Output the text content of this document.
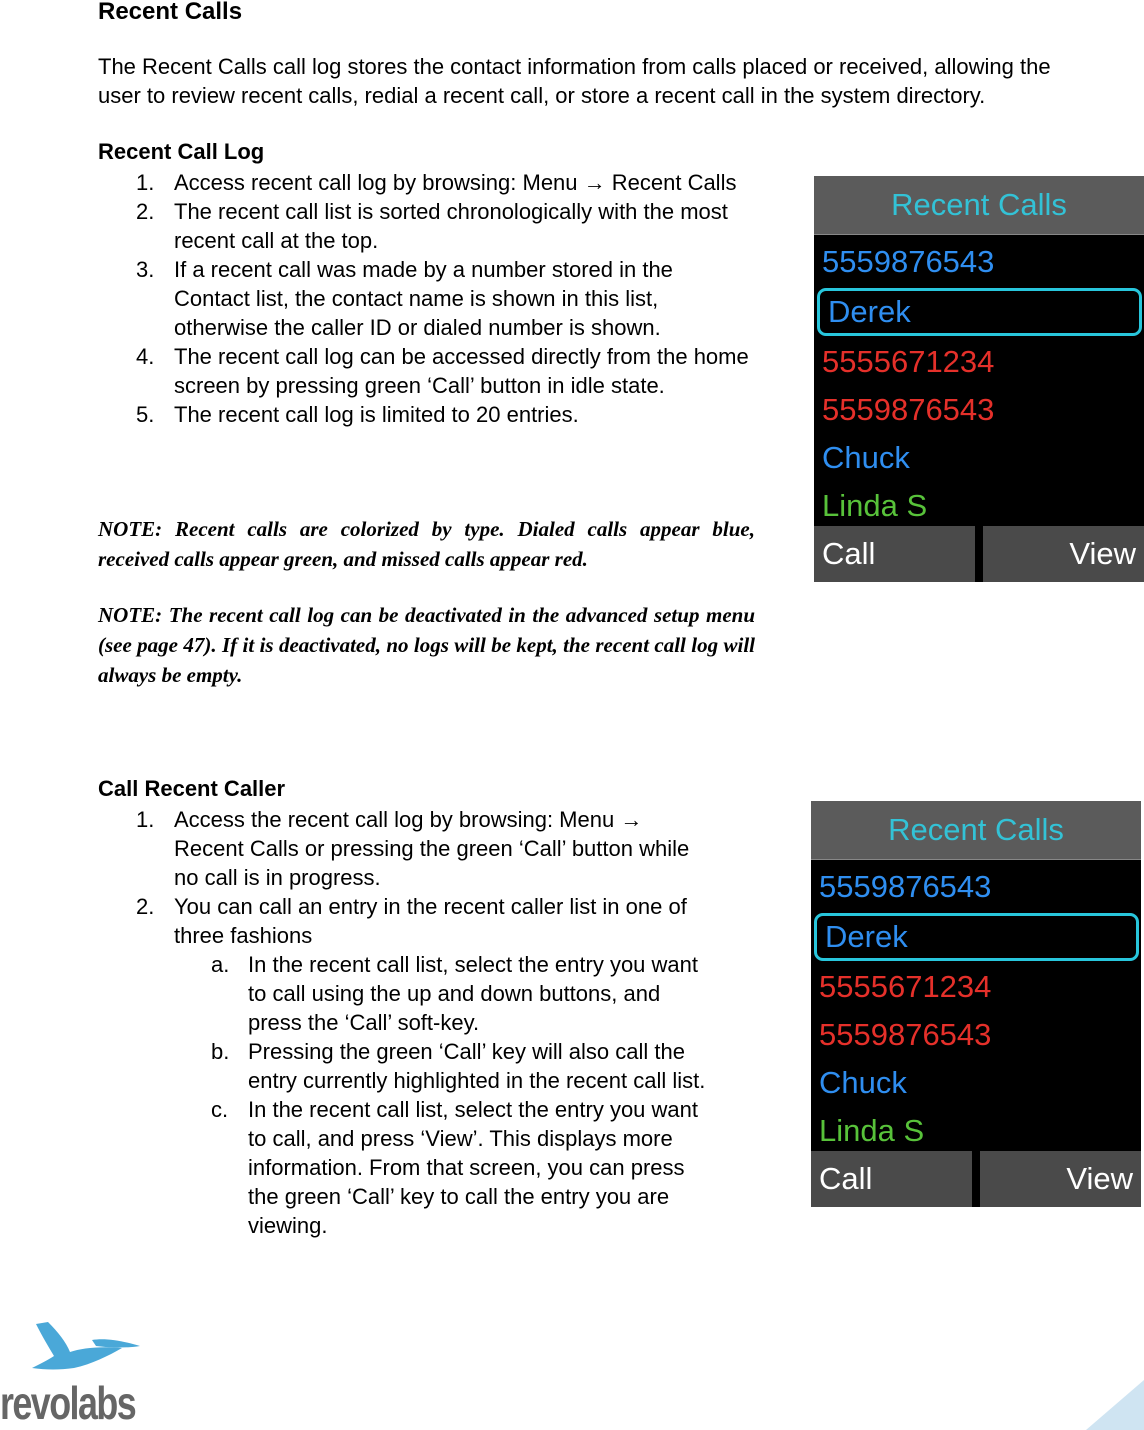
Recent Calls
The Recent Calls call log stores the contact information from calls placed or received, allowing the user to review recent calls, redial a recent call, or store a recent call in the system directory.
Recent Call Log
1. Access recent call log by browsing: Menu → Recent Calls
2. The recent call list is sorted chronologically with the most recent call at the top.
3. If a recent call was made by a number stored in the Contact list, the contact name is shown in this list, otherwise the caller ID or dialed number is shown.
4. The recent call log can be accessed directly from the home screen by pressing green ‘Call’ button in idle state.
5. The recent call log is limited to 20 entries.
NOTE: Recent calls are colorized by type. Dialed calls appear blue, received calls appear green, and missed calls appear red.
NOTE: The recent call log can be deactivated in the advanced setup menu (see page 47). If it is deactivated, no logs will be kept, the recent call log will always be empty.
Recent Calls
5559876543
Derek
5555671234
5559876543
Chuck
Linda S
Call	View
Call Recent Caller
1. Access the recent call log by browsing: Menu → Recent Calls or pressing the green ‘Call’ button while no call is in progress.
2. You can call an entry in the recent caller list in one of three fashions
a. In the recent call list, select the entry you want to call using the up and down buttons, and press the ‘Call’ soft-key.
b. Pressing the green ‘Call’ key will also call the entry currently highlighted in the recent call list.
c. In the recent call list, select the entry you want to call, and press ‘View’. This displays more information. From that screen, you can press the green ‘Call’ key to call the entry you are viewing.
Recent Calls
5559876543
Derek
5555671234
5559876543
Chuck
Linda S
Call	View
revolabs
